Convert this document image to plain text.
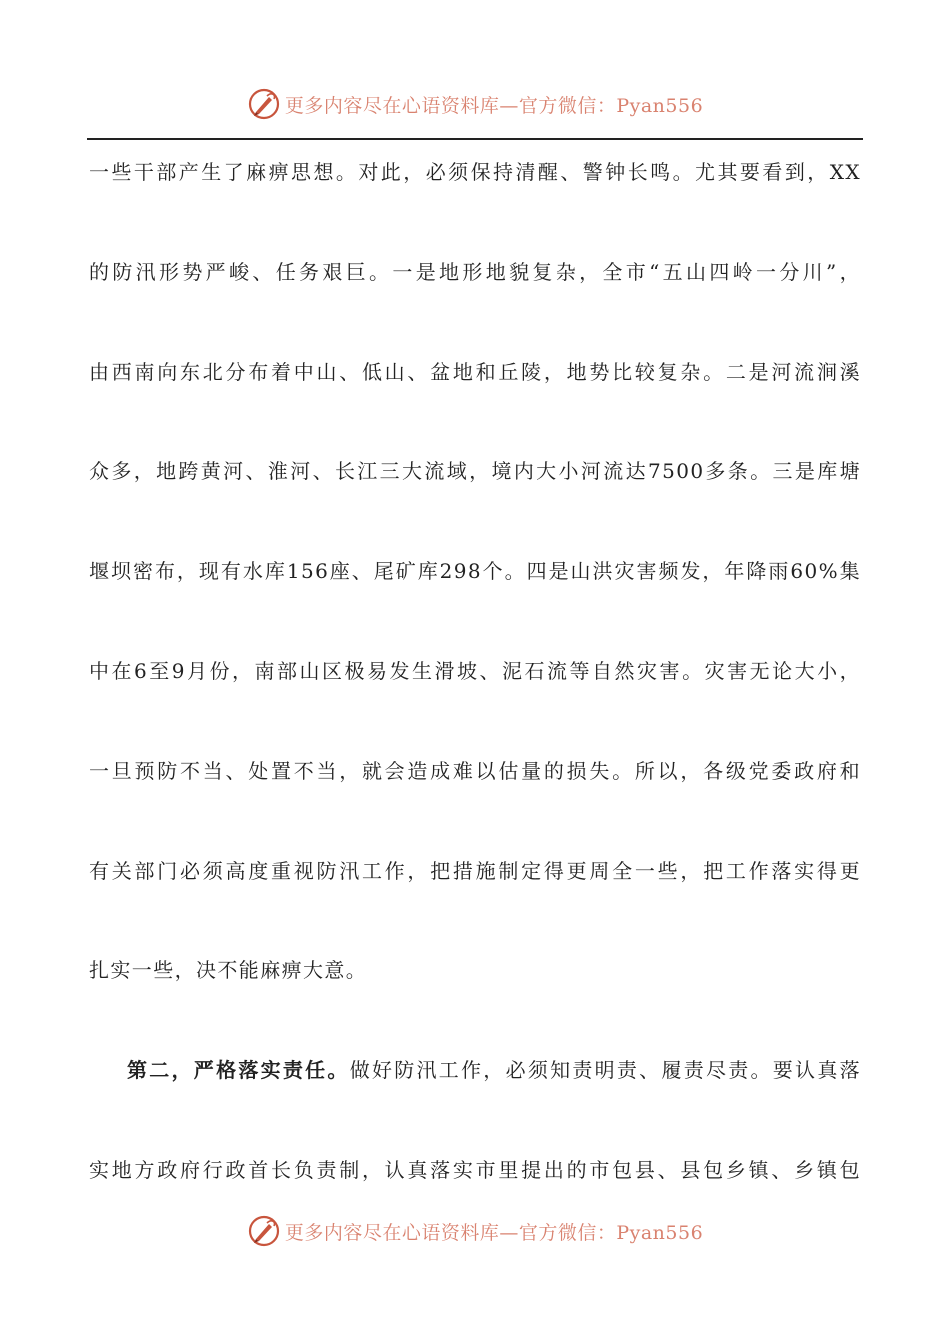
更多内容尽在心语资料库—官方微信：Pyan556
一些干部产生了麻痹思想。对此，必须保持清醒、警钟长鸣。尤其要看到，XX
的防汛形势严峻、任务艰巨。一是地形地貌复杂，全市“五山四岭一分川”，
由西南向东北分布着中山、低山、盆地和丘陵，地势比较复杂。二是河流涧溪
众多，地跨黄河、淮河、长江三大流域，境内大小河流达7500多条。三是库塘
堰坝密布，现有水库156座、尾矿库298个。四是山洪灾害频发，年降雨60%集
中在6至9月份，南部山区极易发生滑坡、泥石流等自然灾害。灾害无论大小，
一旦预防不当、处置不当，就会造成难以估量的损失。所以，各级党委政府和
有关部门必须高度重视防汛工作，把措施制定得更周全一些，把工作落实得更
扎实一些，决不能麻痹大意。
第二，严格落实责任。做好防汛工作，必须知责明责、履责尽责。要认真落
实地方政府行政首长负责制，认真落实市里提出的市包县、县包乡镇、乡镇包
更多内容尽在心语资料库—官方微信：Pyan556
